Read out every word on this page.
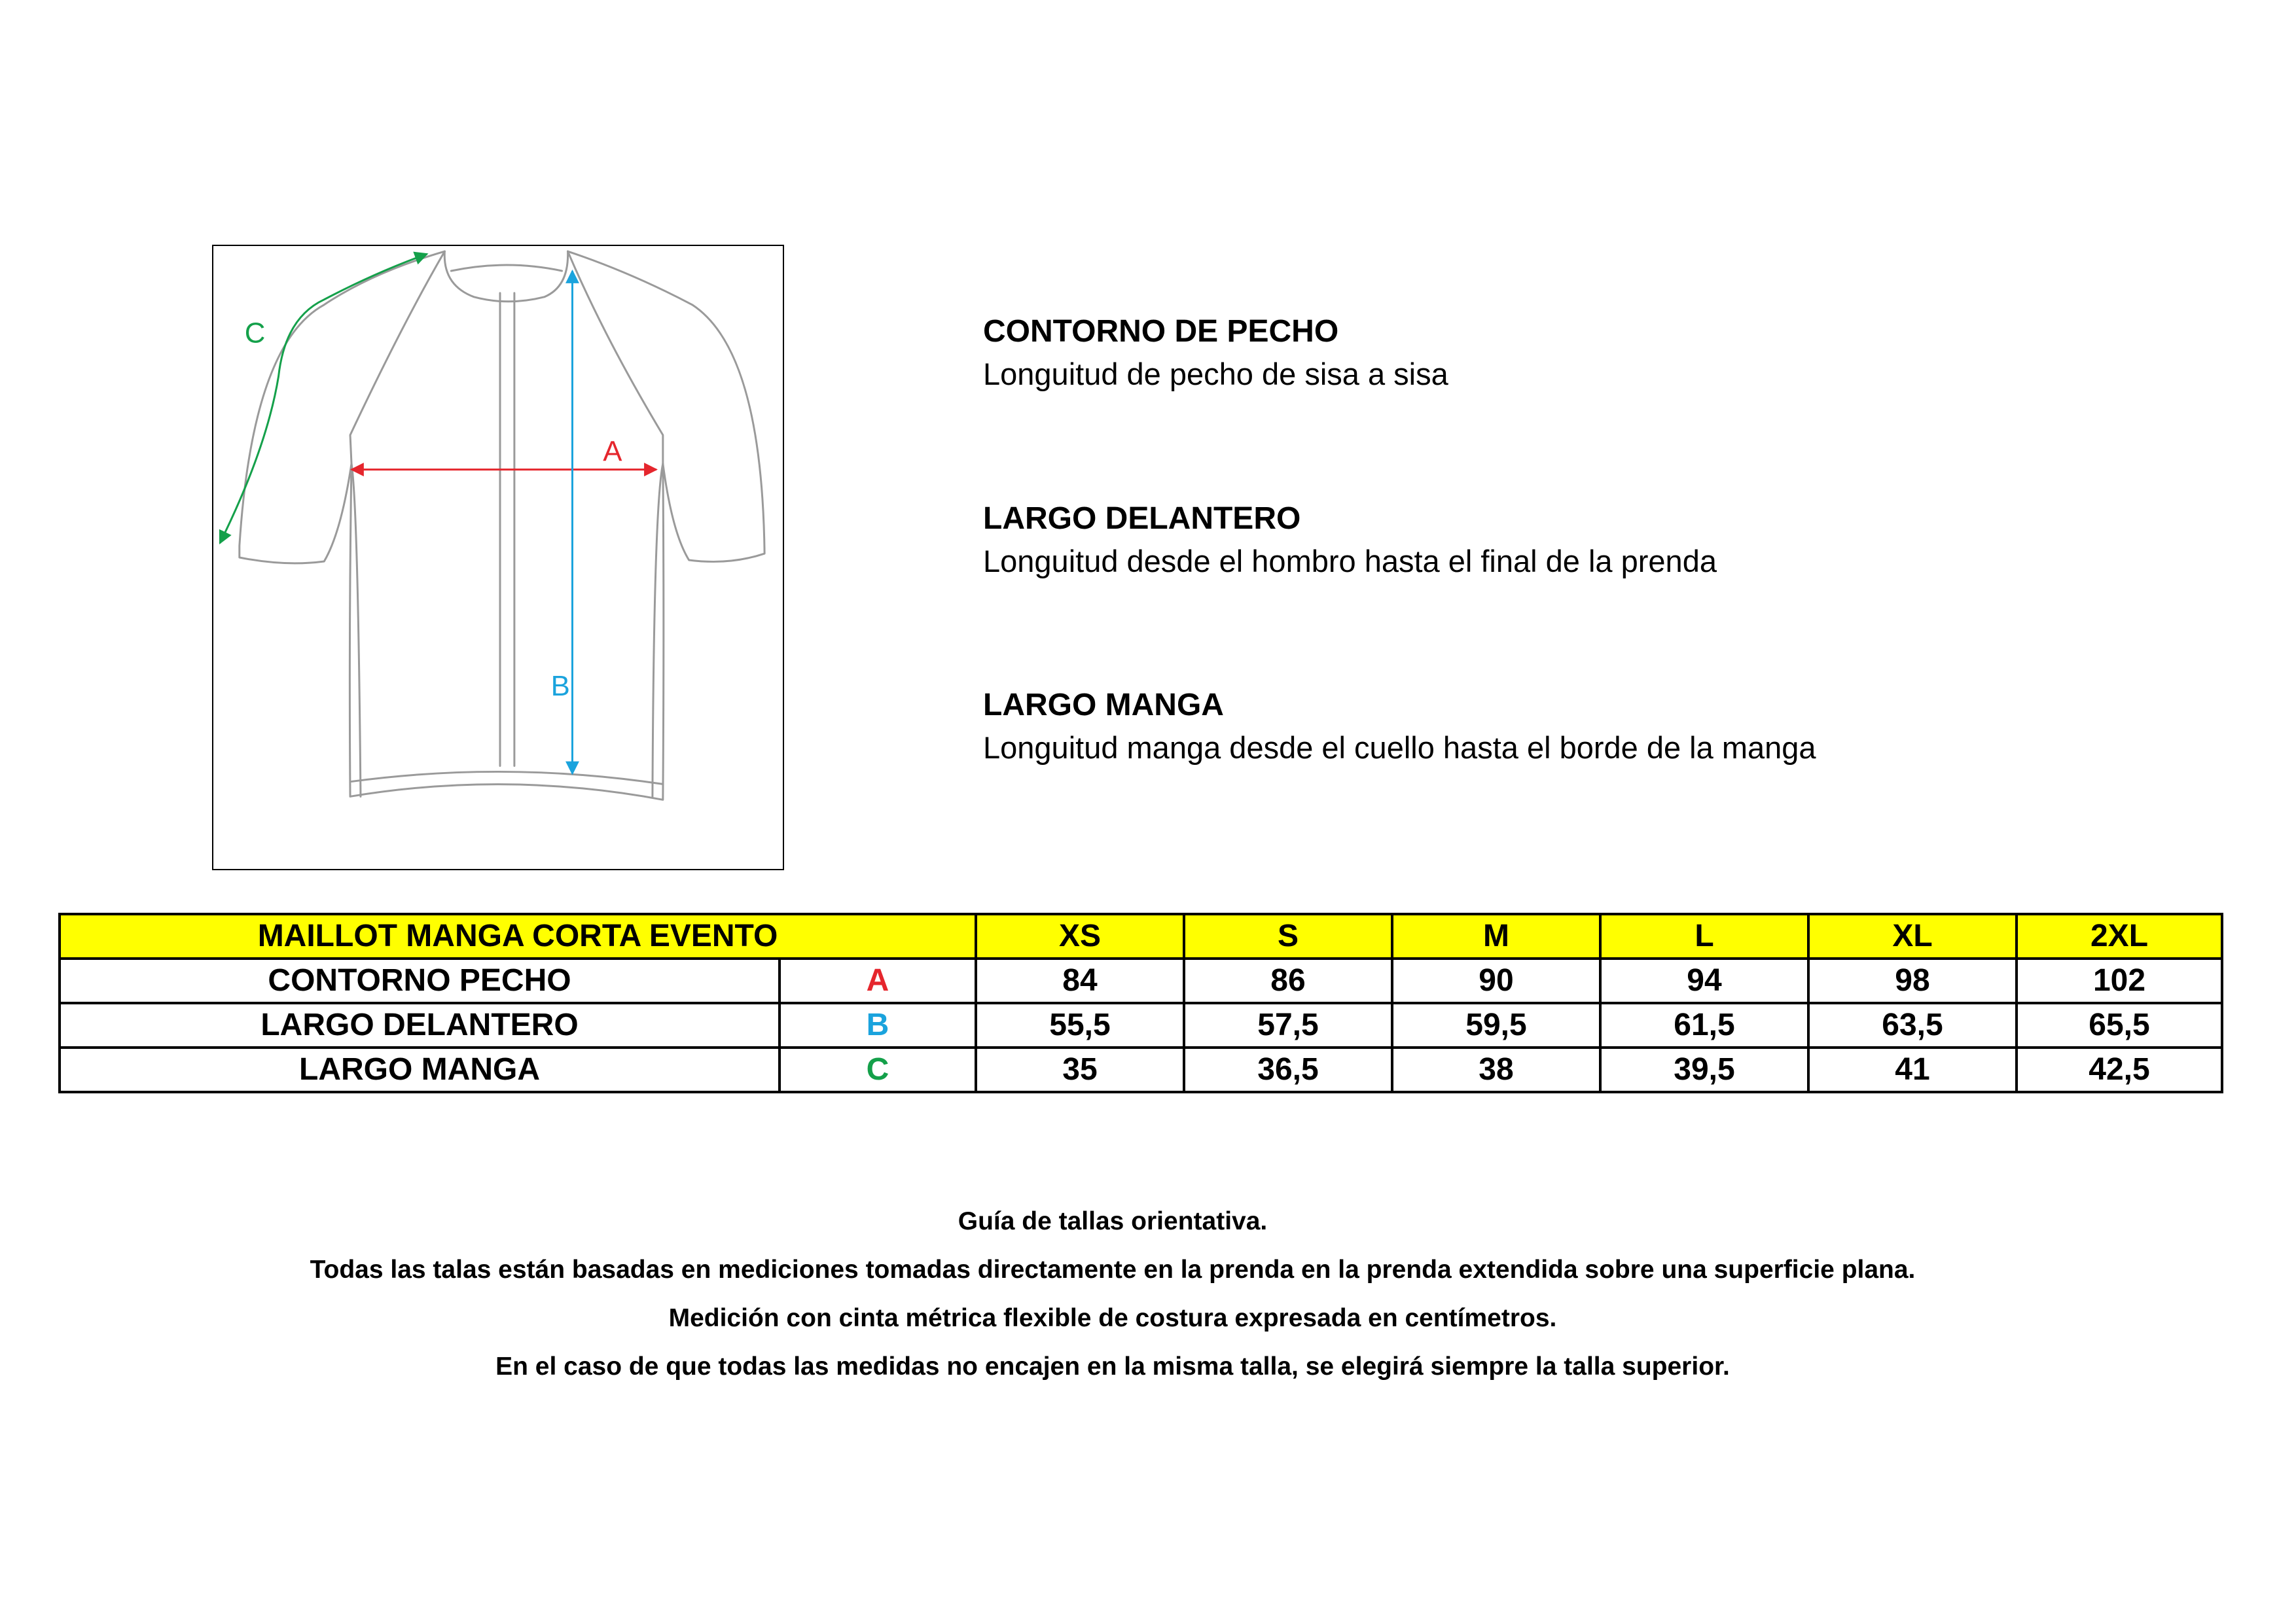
A
B
C	CONTORNO DE PECHO

Longuitud de pecho de sisa a sisa

LARGO DELANTERO

Longuitud desde el hombro hasta el final de la prenda

LARGO MANGA

Longuitud manga desde el cuello hasta el borde de la manga

MAILLOT MANGA CORTA EVENTO		XS	S	M	L	XL	2XL
CONTORNO PECHO	A	84	86	90	94	98	102
LARGO DELANTERO	B	55,5	57,5	59,5	61,5	63,5	65,5
LARGO MANGA	C	35	36,5	38	39,5	41	42,5

Guía de tallas orientativa.

Todas las talas están basadas en mediciones tomadas directamente en la prenda en la prenda extendida sobre una superficie plana.

Medición con cinta métrica flexible de costura expresada en centímetros.

En el caso de que todas las medidas no encajen en la misma talla, se elegirá siempre la talla superior.
